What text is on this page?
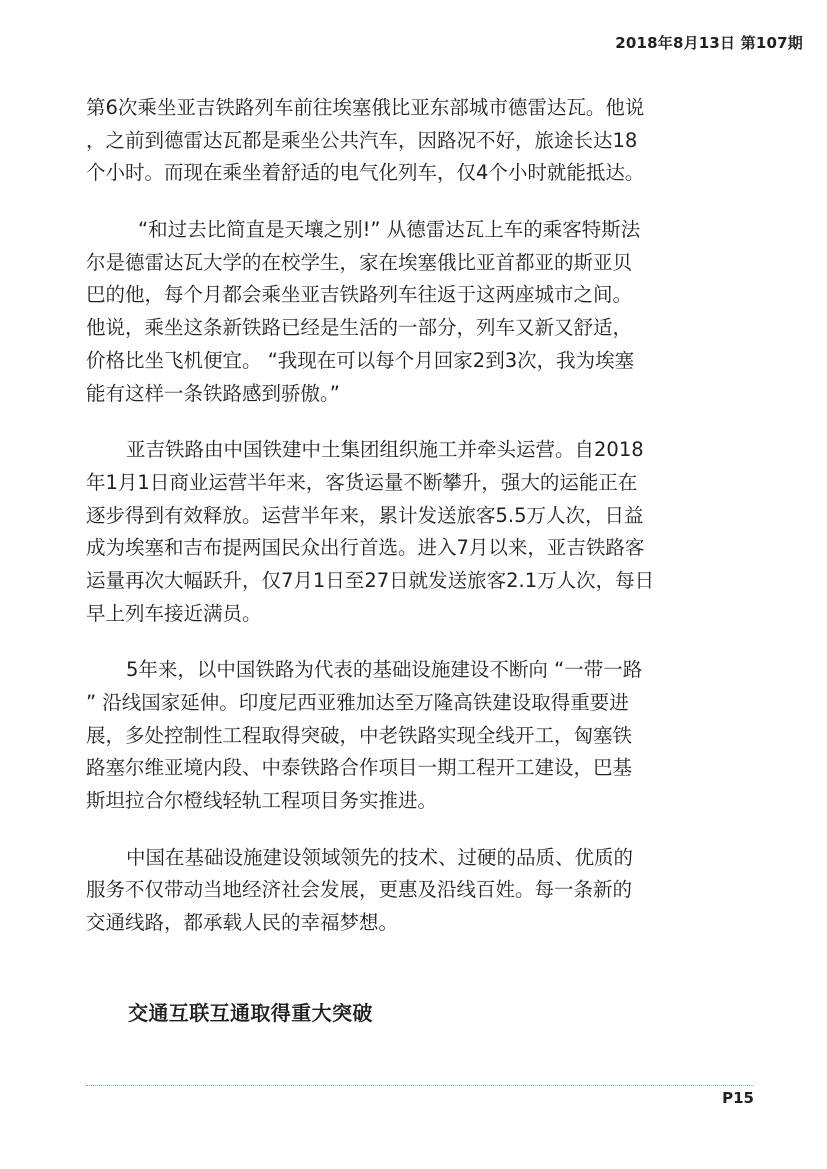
2018年8月13日 第107期

第6次乘坐亚吉铁路列车前往埃塞俄比亚东部城市德雷达瓦。他说
，之前到德雷达瓦都是乘坐公共汽车，因路况不好，旅途长达18
个小时。而现在乘坐着舒适的电气化列车，仅4个小时就能抵达。

“和过去比简直是天壤之别!” 从德雷达瓦上车的乘客特斯法
尔是德雷达瓦大学的在校学生，家在埃塞俄比亚首都亚的斯亚贝
巴的他，每个月都会乘坐亚吉铁路列车往返于这两座城市之间。
他说，乘坐这条新铁路已经是生活的一部分，列车又新又舒适，
价格比坐飞机便宜。 “我现在可以每个月回家2到3次，我为埃塞
能有这样一条铁路感到骄傲。”

亚吉铁路由中国铁建中土集团组织施工并牵头运营。自2018
年1月1日商业运营半年来，客货运量不断攀升，强大的运能正在
逐步得到有效释放。运营半年来，累计发送旅客5.5万人次，日益
成为埃塞和吉布提两国民众出行首选。进入7月以来，亚吉铁路客
运量再次大幅跃升，仅7月1日至27日就发送旅客2.1万人次，每日
早上列车接近满员。

5年来，以中国铁路为代表的基础设施建设不断向 “一带一路
” 沿线国家延伸。印度尼西亚雅加达至万隆高铁建设取得重要进
展，多处控制性工程取得突破，中老铁路实现全线开工，匈塞铁
路塞尔维亚境内段、中泰铁路合作项目一期工程开工建设，巴基
斯坦拉合尔橙线轻轨工程项目务实推进。

中国在基础设施建设领域领先的技术、过硬的品质、优质的
服务不仅带动当地经济社会发展，更惠及沿线百姓。每一条新的
交通线路，都承载人民的幸福梦想。

交通互联互通取得重大突破
P15
